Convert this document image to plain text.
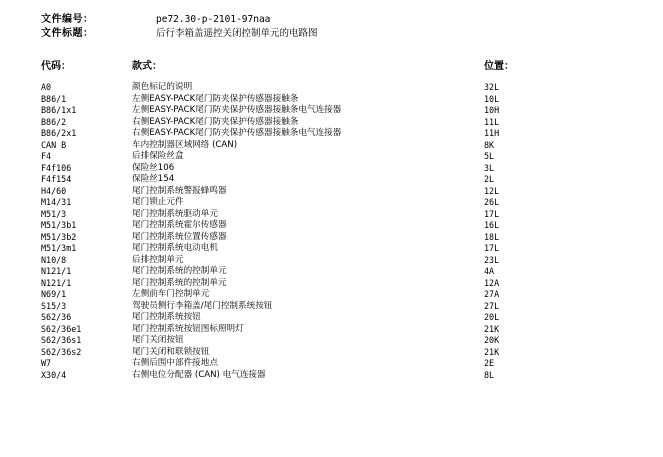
文件编号：	pe72.30-p-2101-97naa
文件标题：	后行李箱盖遥控关闭控制单元的电路图
代码：	款式：	位置：
A0	颜色标记的说明	32L
B86/1	左侧EASY-PACK尾门防夹保护传感器接触条	10L
B86/1x1	左侧EASY-PACK尾门防夹保护传感器接触条电气连接器	10H
B86/2	右侧EASY-PACK尾门防夹保护传感器接触条	11L
B86/2x1	右侧EASY-PACK尾门防夹保护传感器接触条电气连接器	11H
CAN B	车内控制器区域网络 (CAN)	8K
F4	后排保险丝盒	5L
F4f106	保险丝106	3L
F4f154	保险丝154	2L
H4/60	尾门控制系统警报蜂鸣器	12L
M14/31	尾门锁止元件	26L
M51/3	尾门控制系统驱动单元	17L
M51/3b1	尾门控制系统霍尔传感器	16L
M51/3b2	尾门控制系统位置传感器	18L
M51/3m1	尾门控制系统电动电机	17L
N10/8	后排控制单元	23L
N121/1	尾门控制系统的控制单元	4A
N121/1	尾门控制系统的控制单元	12A
N69/1	左侧前车门控制单元	27A
S15/3	驾驶员侧行李箱盖/尾门控制系统按钮	27L
S62/36	尾门控制系统按钮	20L
S62/36e1	尾门控制系统按钮图标照明灯	21K
S62/36s1	尾门关闭按钮	20K
S62/36s2	尾门关闭和联锁按钮	21K
W7	右侧后围中部件接地点	2E
X30/4	右侧电位分配器 (CAN) 电气连接器	8L
